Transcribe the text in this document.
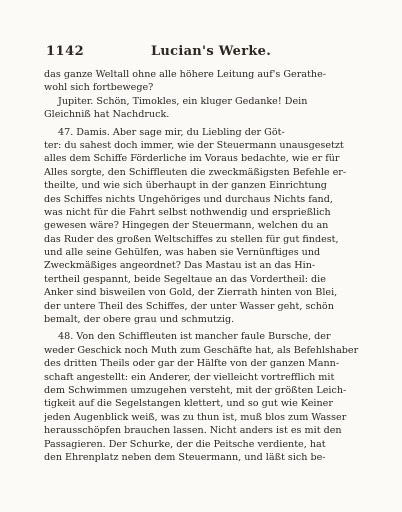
1142	Lucian's Werke.
das ganze Weltall ohne alle höhere Leitung auf's Gerathe-
wohl sich fortbewege?
Jupiter. Schön, Timokles, ein kluger Gedanke! Dein
Gleichniß hat Nachdruck.
47. Damis. Aber sage mir, du Liebling der Göt-
ter: du sahest doch immer, wie der Steuermann unausgesetzt
alles dem Schiffe Förderliche im Voraus bedachte, wie er für
Alles sorgte, den Schiffleuten die zweckmäßigsten Befehle er-
theilte, und wie sich überhaupt in der ganzen Einrichtung
des Schiffes nichts Ungehöriges und durchaus Nichts fand,
was nicht für die Fahrt selbst nothwendig und ersprießlich
gewesen wäre? Hingegen der Steuermann, welchen du an
das Ruder des großen Weltschiffes zu stellen für gut findest,
und alle seine Gehülfen, was haben sie Vernünftiges und
Zweckmäßiges angeordnet? Das Mastau ist an das Hin-
tertheil gespannt, beide Segeltaue an das Vordertheil: die
Anker sind bisweilen von Gold, der Zierrath hinten von Blei,
der untere Theil des Schiffes, der unter Wasser geht, schön
bemalt, der obere grau und schmutzig.
48. Von den Schiffleuten ist mancher faule Bursche, der
weder Geschick noch Muth zum Geschäfte hat, als Befehlshaber
des dritten Theils oder gar der Hälfte von der ganzen Mann-
schaft angestellt: ein Anderer, der vielleicht vortrefflich mit
dem Schwimmen umzugehen versteht, mit der größten Leich-
tigkeit auf die Segelstangen klettert, und so gut wie Keiner
jeden Augenblick weiß, was zu thun ist, muß blos zum Wasser
herausschöpfen brauchen lassen. Nicht anders ist es mit den
Passagieren. Der Schurke, der die Peitsche verdiente, hat
den Ehrenplatz neben dem Steuermann, und läßt sich be-
